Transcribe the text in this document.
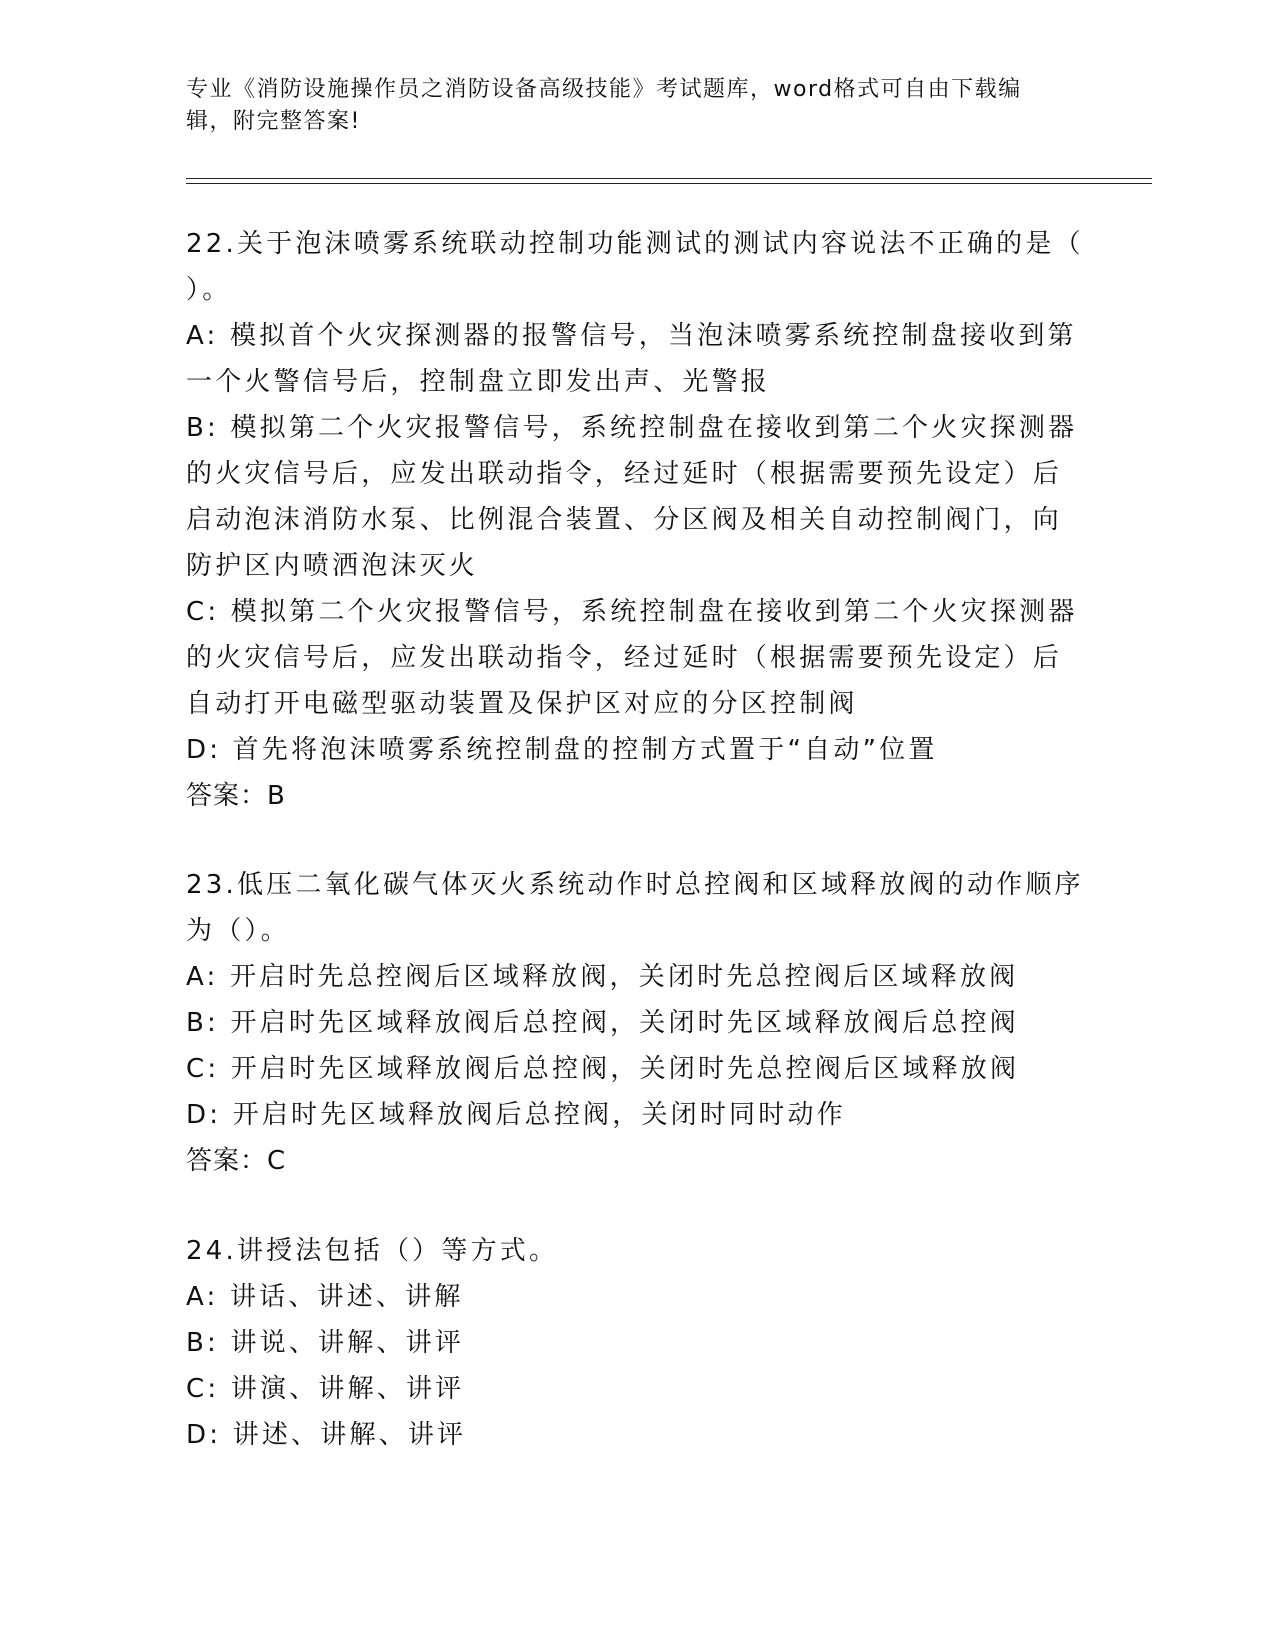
专业《消防设施操作员之消防设备高级技能》考试题库，word格式可自由下载编
辑，附完整答案!
22.关于泡沫喷雾系统联动控制功能测试的测试内容说法不正确的是（
）。
A: 模拟首个火灾探测器的报警信号，当泡沫喷雾系统控制盘接收到第
一个火警信号后，控制盘立即发出声、光警报
B: 模拟第二个火灾报警信号，系统控制盘在接收到第二个火灾探测器
的火灾信号后，应发出联动指令，经过延时（根据需要预先设定）后
启动泡沫消防水泵、比例混合装置、分区阀及相关自动控制阀门，向
防护区内喷洒泡沫灭火
C: 模拟第二个火灾报警信号，系统控制盘在接收到第二个火灾探测器
的火灾信号后，应发出联动指令，经过延时（根据需要预先设定）后
自动打开电磁型驱动装置及保护区对应的分区控制阀
D: 首先将泡沫喷雾系统控制盘的控制方式置于“自动”位置
答案：B
23.低压二氧化碳气体灭火系统动作时总控阀和区域释放阀的动作顺序
为（）。
A: 开启时先总控阀后区域释放阀，关闭时先总控阀后区域释放阀
B: 开启时先区域释放阀后总控阀，关闭时先区域释放阀后总控阀
C: 开启时先区域释放阀后总控阀，关闭时先总控阀后区域释放阀
D: 开启时先区域释放阀后总控阀，关闭时同时动作
答案：C
24.讲授法包括（）等方式。
A: 讲话、讲述、讲解
B: 讲说、讲解、讲评
C: 讲演、讲解、讲评
D: 讲述、讲解、讲评
